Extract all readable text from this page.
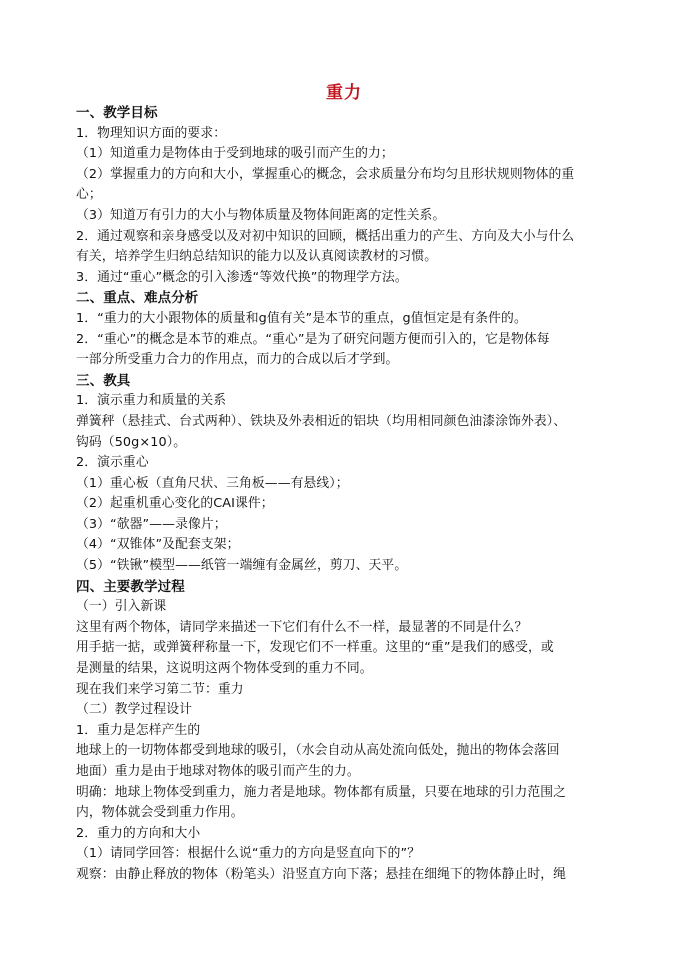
重力
一、教学目标
1．物理知识方面的要求：
（1）知道重力是物体由于受到地球的吸引而产生的力；
（2）掌握重力的方向和大小，掌握重心的概念，会求质量分布均匀且形状规则物体的重
心；
（3）知道万有引力的大小与物体质量及物体间距离的定性关系。
2．通过观察和亲身感受以及对初中知识的回顾，概括出重力的产生、方向及大小与什么
有关，培养学生归纳总结知识的能力以及认真阅读教材的习惯。
3．通过“重心”概念的引入渗透“等效代换”的物理学方法。
二、重点、难点分析
1．“重力的大小跟物体的质量和g值有关”是本节的重点，g值恒定是有条件的。
2．“重心”的概念是本节的难点。“重心”是为了研究问题方便而引入的，它是物体每
一部分所受重力合力的作用点，而力的合成以后才学到。
三、教具
1．演示重力和质量的关系
弹簧秤（悬挂式、台式两种）、铁块及外表相近的铝块（均用相同颜色油漆涂饰外表）、
钩码（50g×10）。
2．演示重心
（1）重心板（直角尺状、三角板——有悬线）；
（2）起重机重心变化的CAI课件；
（3）“欹器”——录像片；
（4）“双锥体”及配套支架；
（5）“铁锹”模型——纸管一端缠有金属丝，剪刀、天平。
四、主要教学过程
（一）引入新课
这里有两个物体，请同学来描述一下它们有什么不一样，最显著的不同是什么？
用手掂一掂，或弹簧秤称量一下，发现它们不一样重。这里的“重”是我们的感受，或
是测量的结果，这说明这两个物体受到的重力不同。
现在我们来学习第二节：重力
（二）教学过程设计
1．重力是怎样产生的
地球上的一切物体都受到地球的吸引，（水会自动从高处流向低处，抛出的物体会落回
地面）重力是由于地球对物体的吸引而产生的力。
明确：地球上物体受到重力，施力者是地球。物体都有质量，只要在地球的引力范围之
内，物体就会受到重力作用。
2．重力的方向和大小
（1）请同学回答：根据什么说“重力的方向是竖直向下的”？
观察：由静止释放的物体（粉笔头）沿竖直方向下落；悬挂在细绳下的物体静止时，绳
